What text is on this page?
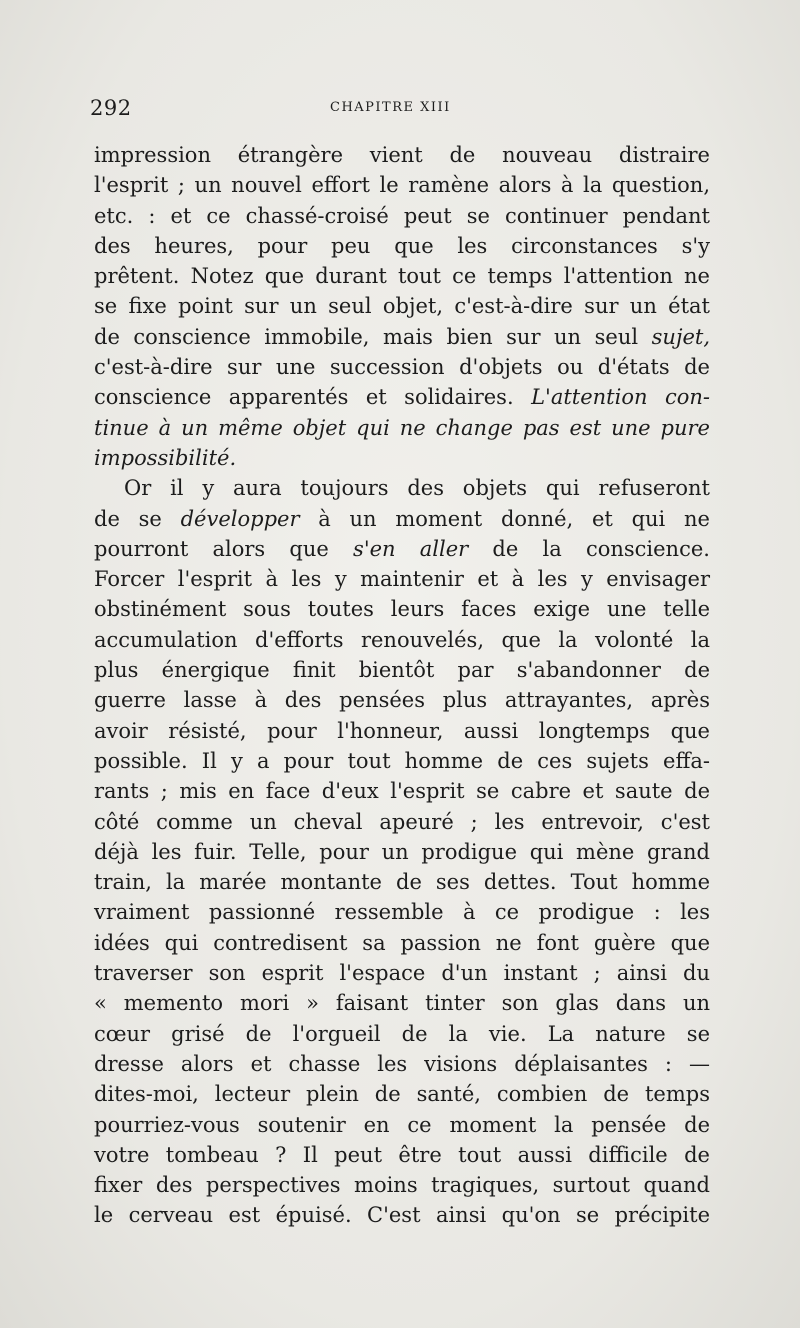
292	CHAPITRE XIII
impression étrangère vient de nouveau distraire
l'esprit ; un nouvel effort le ramène alors à la question,
etc. : et ce chassé-croisé peut se continuer pendant
des heures, pour peu que les circonstances s'y
prêtent. Notez que durant tout ce temps l'attention ne
se fixe point sur un seul objet, c'est-à-dire sur un état
de conscience immobile, mais bien sur un seul sujet,
c'est-à-dire sur une succession d'objets ou d'états de
conscience apparentés et solidaires. L'attention con-
tinue à un même objet qui ne change pas est une pure
impossibilité.
Or il y aura toujours des objets qui refuseront
de se développer à un moment donné, et qui ne
pourront alors que s'en aller de la conscience.
Forcer l'esprit à les y maintenir et à les y envisager
obstinément sous toutes leurs faces exige une telle
accumulation d'efforts renouvelés, que la volonté la
plus énergique finit bientôt par s'abandonner de
guerre lasse à des pensées plus attrayantes, après
avoir résisté, pour l'honneur, aussi longtemps que
possible. Il y a pour tout homme de ces sujets effa-
rants ; mis en face d'eux l'esprit se cabre et saute de
côté comme un cheval apeuré ; les entrevoir, c'est
déjà les fuir. Telle, pour un prodigue qui mène grand
train, la marée montante de ses dettes. Tout homme
vraiment passionné ressemble à ce prodigue : les
idées qui contredisent sa passion ne font guère que
traverser son esprit l'espace d'un instant ; ainsi du
« memento mori » faisant tinter son glas dans un
cœur grisé de l'orgueil de la vie. La nature se
dresse alors et chasse les visions déplaisantes : —
dites-moi, lecteur plein de santé, combien de temps
pourriez-vous soutenir en ce moment la pensée de
votre tombeau ? Il peut être tout aussi difficile de
fixer des perspectives moins tragiques, surtout quand
le cerveau est épuisé. C'est ainsi qu'on se précipite
